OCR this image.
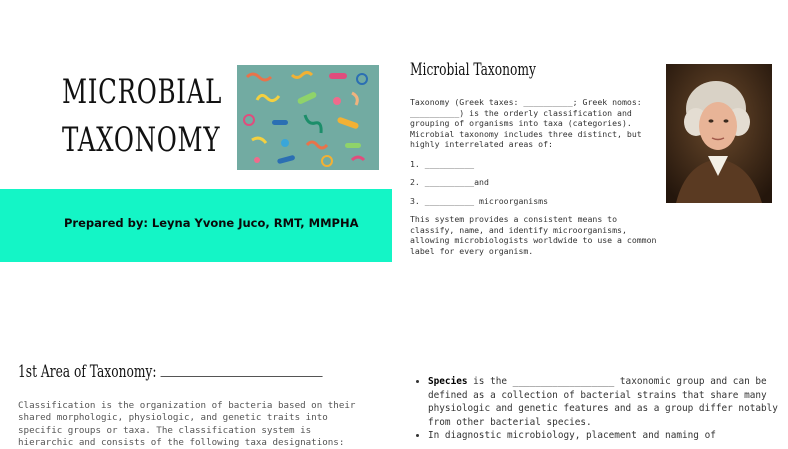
MICROBIAL
TAXONOMY
Prepared by: Leyna Yvone Juco, RMT, MMPHA
Microbial Taxonomy

Taxonomy (Greek taxes: __________; Greek nomos: __________) is the orderly classification and grouping of organisms into taxa (categories). Microbial taxonomy includes three distinct, but highly interrelated areas of:

1. __________
2. __________and
3. __________ microorganisms

This system provides a consistent means to classify, name, and identify microorganisms, allowing microbiologists worldwide to use a common label for every organism.

1st Area of Taxonomy:
Classification is the organization of bacteria based on their shared morphologic, physiologic, and genetic traits into specific groups or taxa. The classification system is hierarchic and consists of the following taxa designations:
• Species is the __________________ taxonomic group and can be defined as a collection of bacterial strains that share many physiologic and genetic features and as a group differ notably from other bacterial species.
• In diagnostic microbiology, placement and naming of
